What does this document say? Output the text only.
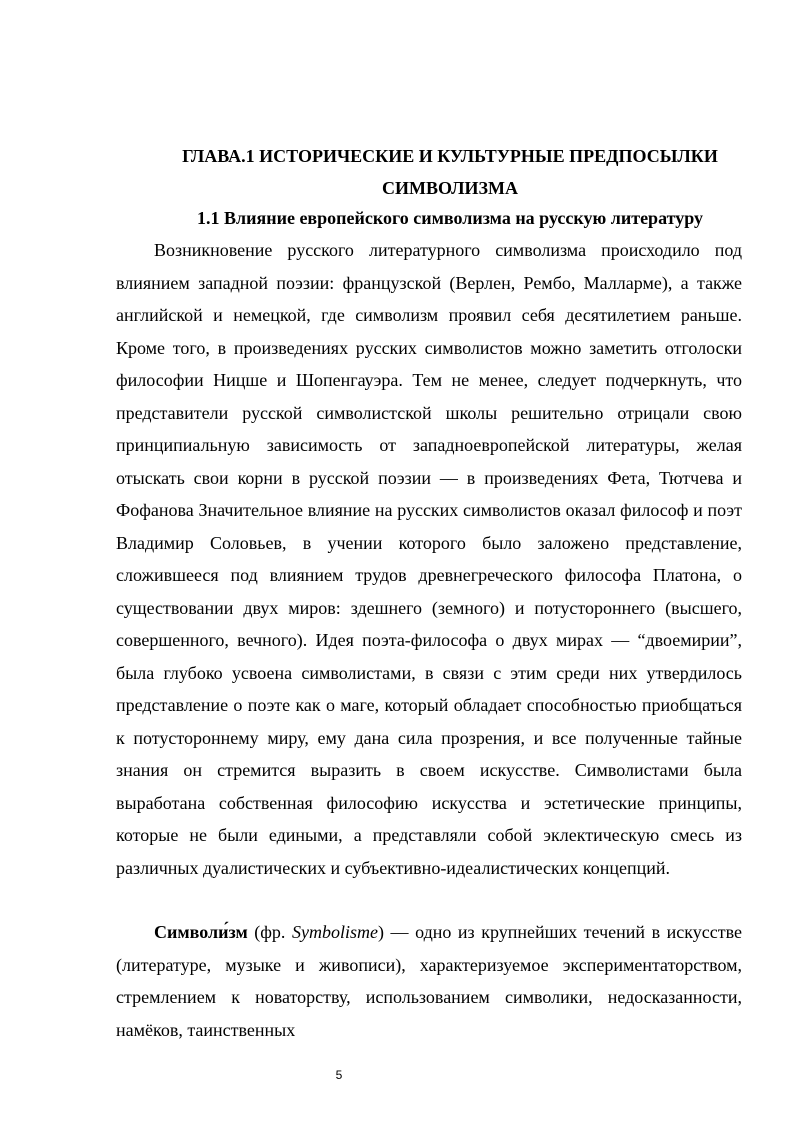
ГЛАВА.1 ИСТОРИЧЕСКИЕ И КУЛЬТУРНЫЕ ПРЕДПОСЫЛКИ
СИМВОЛИЗМА
1.1 Влияние европейского символизма на русскую литературу

Возникновение русского литературного символизма происходило под влиянием западной поэзии: французской (Верлен, Рембо, Малларме), а также английской и немецкой, где символизм проявил себя десятилетием раньше. Кроме того, в произведениях русских символистов можно заметить отголоски философии Ницше и Шопенгауэра. Тем не менее, следует подчеркнуть, что представители русской символистской школы решительно отрицали свою принципиальную зависимость от западноевропейской литературы, желая отыскать свои корни в русской поэзии — в произведениях Фета, Тютчева и Фофанова Значительное влияние на русских символистов оказал философ и поэт Владимир Соловьев, в учении которого было заложено представление, сложившееся под влиянием трудов древнегреческого философа Платона, о существовании двух миров: здешнего (земного) и потустороннего (высшего, совершенного, вечного). Идея поэта-философа о двух мирах — “двоемирии”, была глубоко усвоена символистами, в связи с этим среди них утвердилось представление о поэте как о маге, который обладает способностью приобщаться к потустороннему миру, ему дана сила прозрения, и все полученные тайные знания он стремится выразить в своем искусстве. Символистами была выработана собственная философию искусства и эстетические принципы, которые не были едиными, а представляли собой эклектическую смесь из различных дуалистических и субъективно-идеалистических концепций.

Символи́зм (фр. Symbolisme) — одно из крупнейших течений в искусстве (литературе, музыке и живописи), характеризуемое экспериментаторством, стремлением к новаторству, использованием символики, недосказанности, намёков, таинственных

5
